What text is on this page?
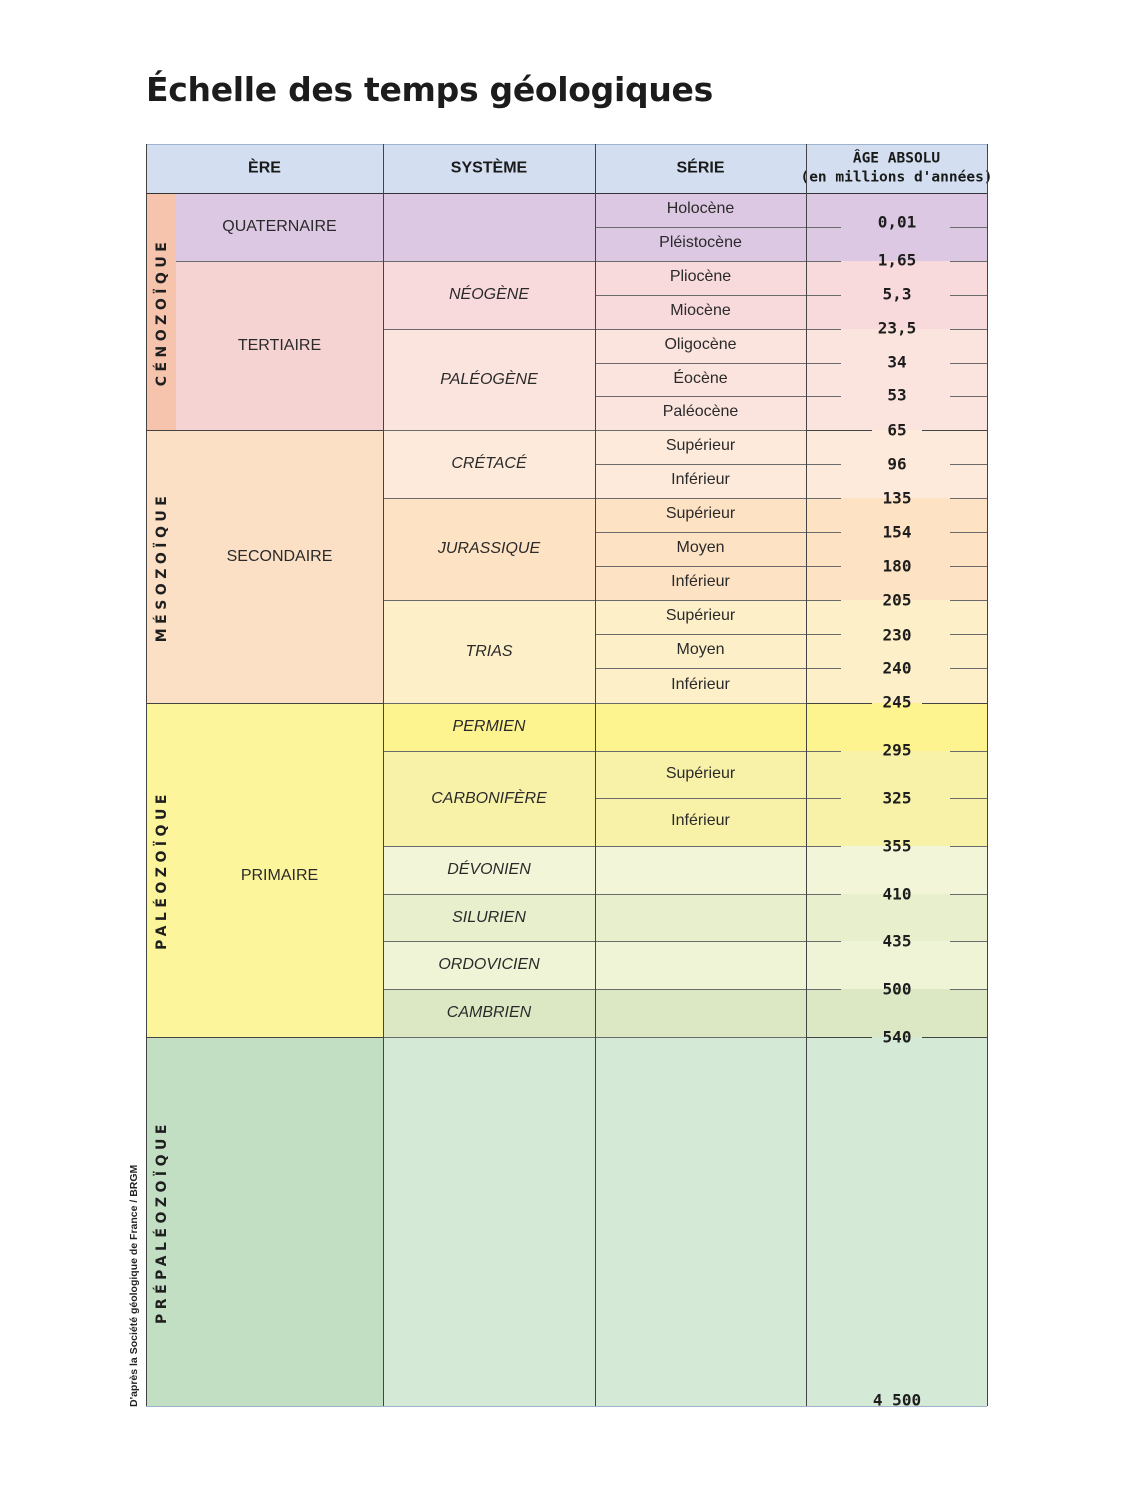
Échelle des temps géologiques
D'après la Société géologique de France / BRGM
ÈRE	SYSTÈME	SÉRIE
ÂGE ABSOLU
(en millions d'années)
CÉNOZOÏQUE
MÉSOZOÏQUE
PALÉOZOÏQUE
PRÉPALÉOZOÏQUE
QUATERNAIRE
TERTIAIRE
SECONDAIRE
PRIMAIRE
NÉOGÈNE
PALÉOGÈNE
CRÉTACÉ
JURASSIQUE
TRIAS
PERMIEN
CARBONIFÈRE
DÉVONIEN
SILURIEN
ORDOVICIEN
CAMBRIEN
Holocène
Pléistocène
Pliocène
Miocène
Oligocène
Éocène
Paléocène
Supérieur
Inférieur
Supérieur
Moyen
Inférieur
Supérieur
Moyen
Inférieur
Supérieur
Inférieur
0,01
1,65
5,3
23,5
34
53
65
96
135
154
180
205
230
240
245
295
325
355
410
435
500
540
4 500
